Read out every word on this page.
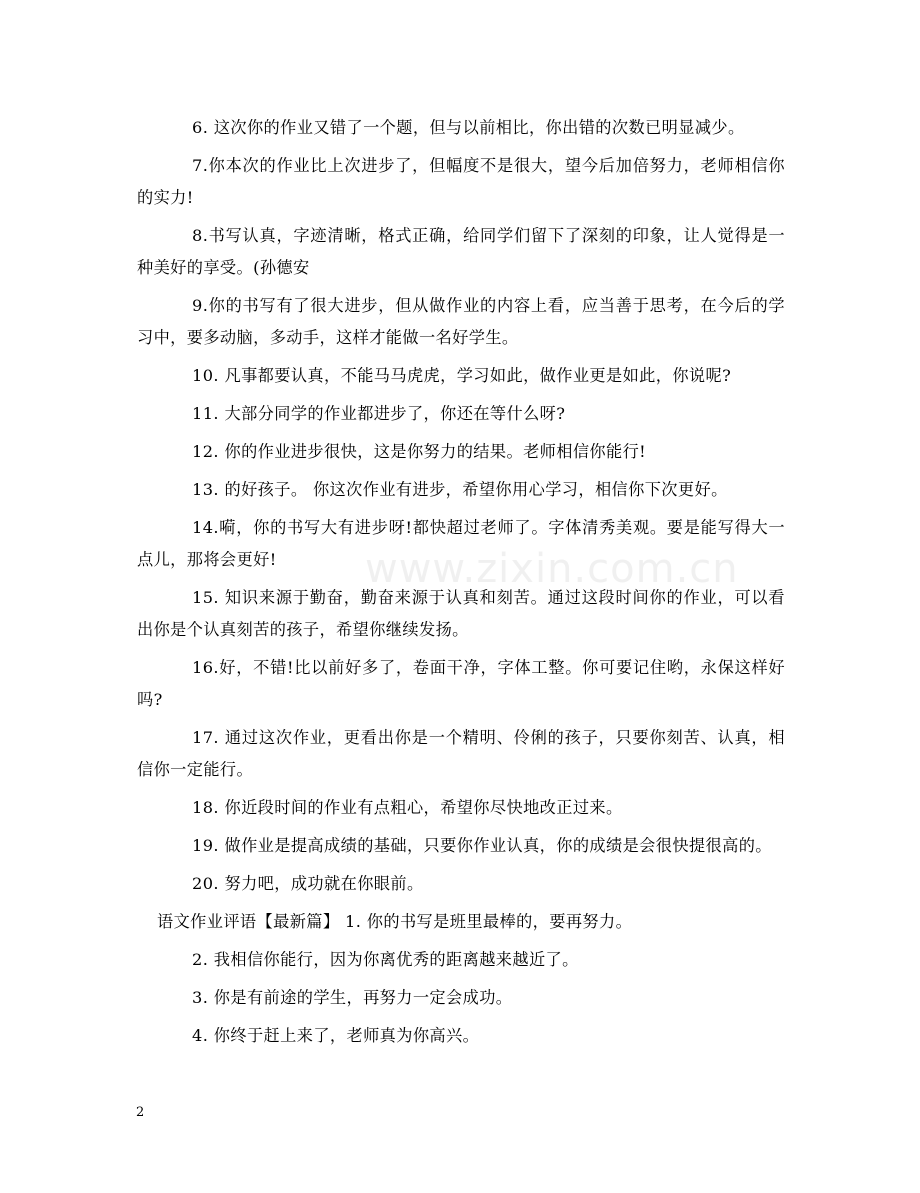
6. 这次你的作业又错了一个题，但与以前相比，你出错的次数已明显减少。

7.你本次的作业比上次进步了，但幅度不是很大，望今后加倍努力，老师相信你的实力!

8.书写认真，字迹清晰，格式正确，给同学们留下了深刻的印象，让人觉得是一种美好的享受。(孙德安

9.你的书写有了很大进步，但从做作业的内容上看，应当善于思考，在今后的学习中，要多动脑，多动手，这样才能做一名好学生。

10. 凡事都要认真，不能马马虎虎，学习如此，做作业更是如此，你说呢?

11. 大部分同学的作业都进步了，你还在等什么呀?

12. 你的作业进步很快，这是你努力的结果。老师相信你能行!

13. 的好孩子。 你这次作业有进步，希望你用心学习，相信你下次更好。

14.嗬，你的书写大有进步呀!都快超过老师了。字体清秀美观。要是能写得大一点儿，那将会更好!

15. 知识来源于勤奋，勤奋来源于认真和刻苦。通过这段时间你的作业，可以看出你是个认真刻苦的孩子，希望你继续发扬。

16.好，不错!比以前好多了，卷面干净，字体工整。你可要记住哟，永保这样好吗?

17. 通过这次作业，更看出你是一个精明、伶俐的孩子，只要你刻苦、认真，相信你一定能行。

18. 你近段时间的作业有点粗心，希望你尽快地改正过来。

19. 做作业是提高成绩的基础，只要你作业认真，你的成绩是会很快提很高的。

20. 努力吧，成功就在你眼前。

语文作业评语【最新篇】 1. 你的书写是班里最棒的，要再努力。

2. 我相信你能行，因为你离优秀的距离越来越近了。

3. 你是有前途的学生，再努力一定会成功。

4. 你终于赶上来了，老师真为你高兴。

www.zixin.com.cn
2
